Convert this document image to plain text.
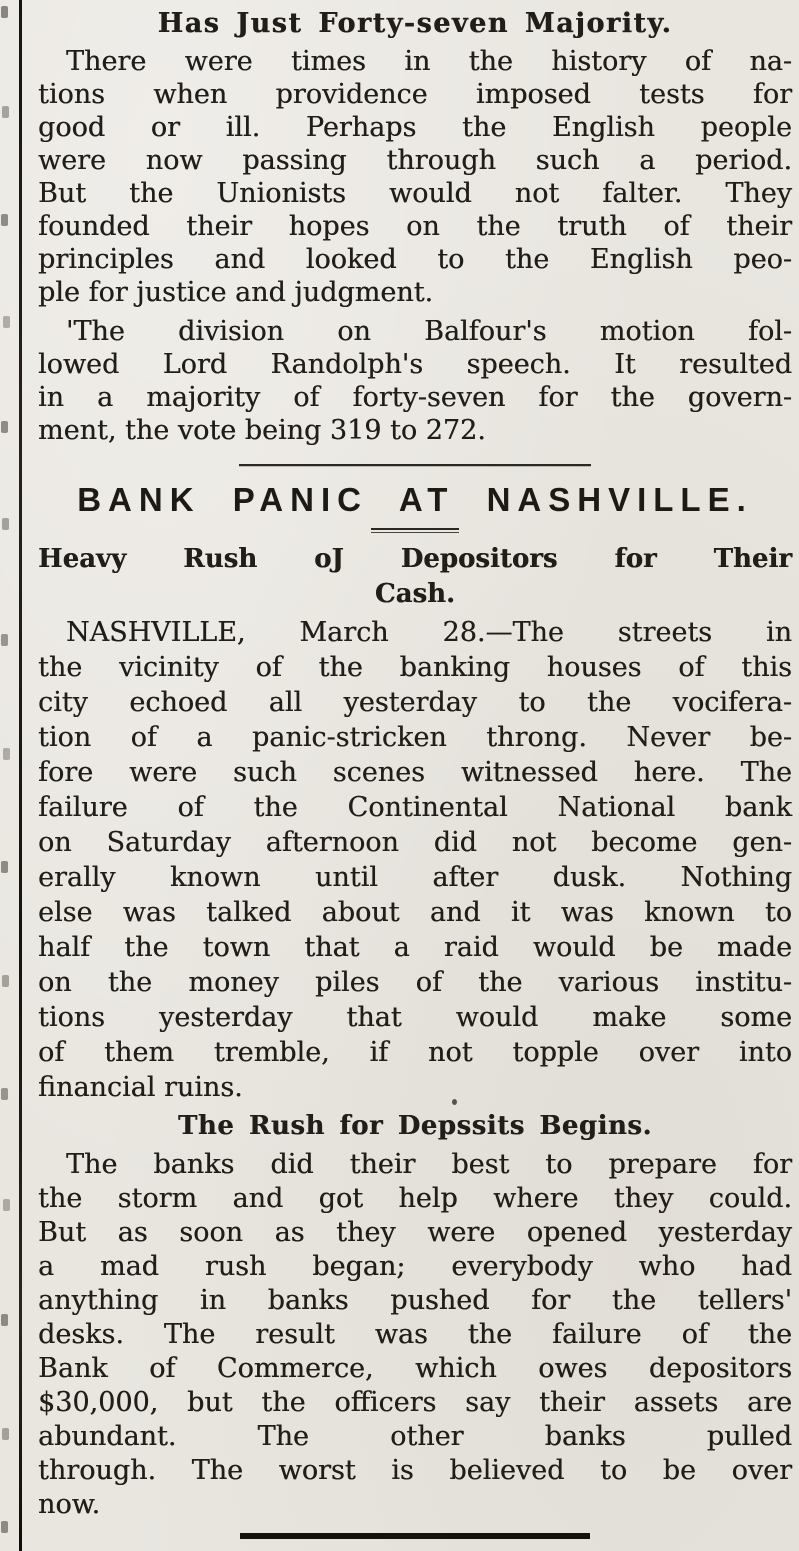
Has Just Forty-seven Majority.
There were times in the history of na-
tions when providence imposed tests for
good or ill. Perhaps the English people
were now passing through such a period.
But the Unionists would not falter. They
founded their hopes on the truth of their
principles and looked to the English peo-
ple for justice and judgment.
'The division on Balfour's motion fol-
lowed Lord Randolph's speech. It resulted
in a majority of forty-seven for the govern-
ment, the vote being 319 to 272.
BANK PANIC AT NASHVILLE.
Heavy Rush oJ Depositors for Their
Cash.
NASHVILLE, March 28.—The streets in
the vicinity of the banking houses of this
city echoed all yesterday to the vocifera-
tion of a panic-stricken throng. Never be-
fore were such scenes witnessed here. The
failure of the Continental National bank
on Saturday afternoon did not become gen-
erally known until after dusk. Nothing
else was talked about and it was known to
half the town that a raid would be made
on the money piles of the various institu-
tions yesterday that would make some
of them tremble, if not topple over into
financial ruins.
The Rush for Depssits Begins.
The banks did their best to prepare for
the storm and got help where they could.
But as soon as they were opened yesterday
a mad rush began; everybody who had
anything in banks pushed for the tellers'
desks. The result was the failure of the
Bank of Commerce, which owes depositors
$30,000, but the officers say their assets are
abundant. The other banks pulled
through. The worst is believed to be over
now.
